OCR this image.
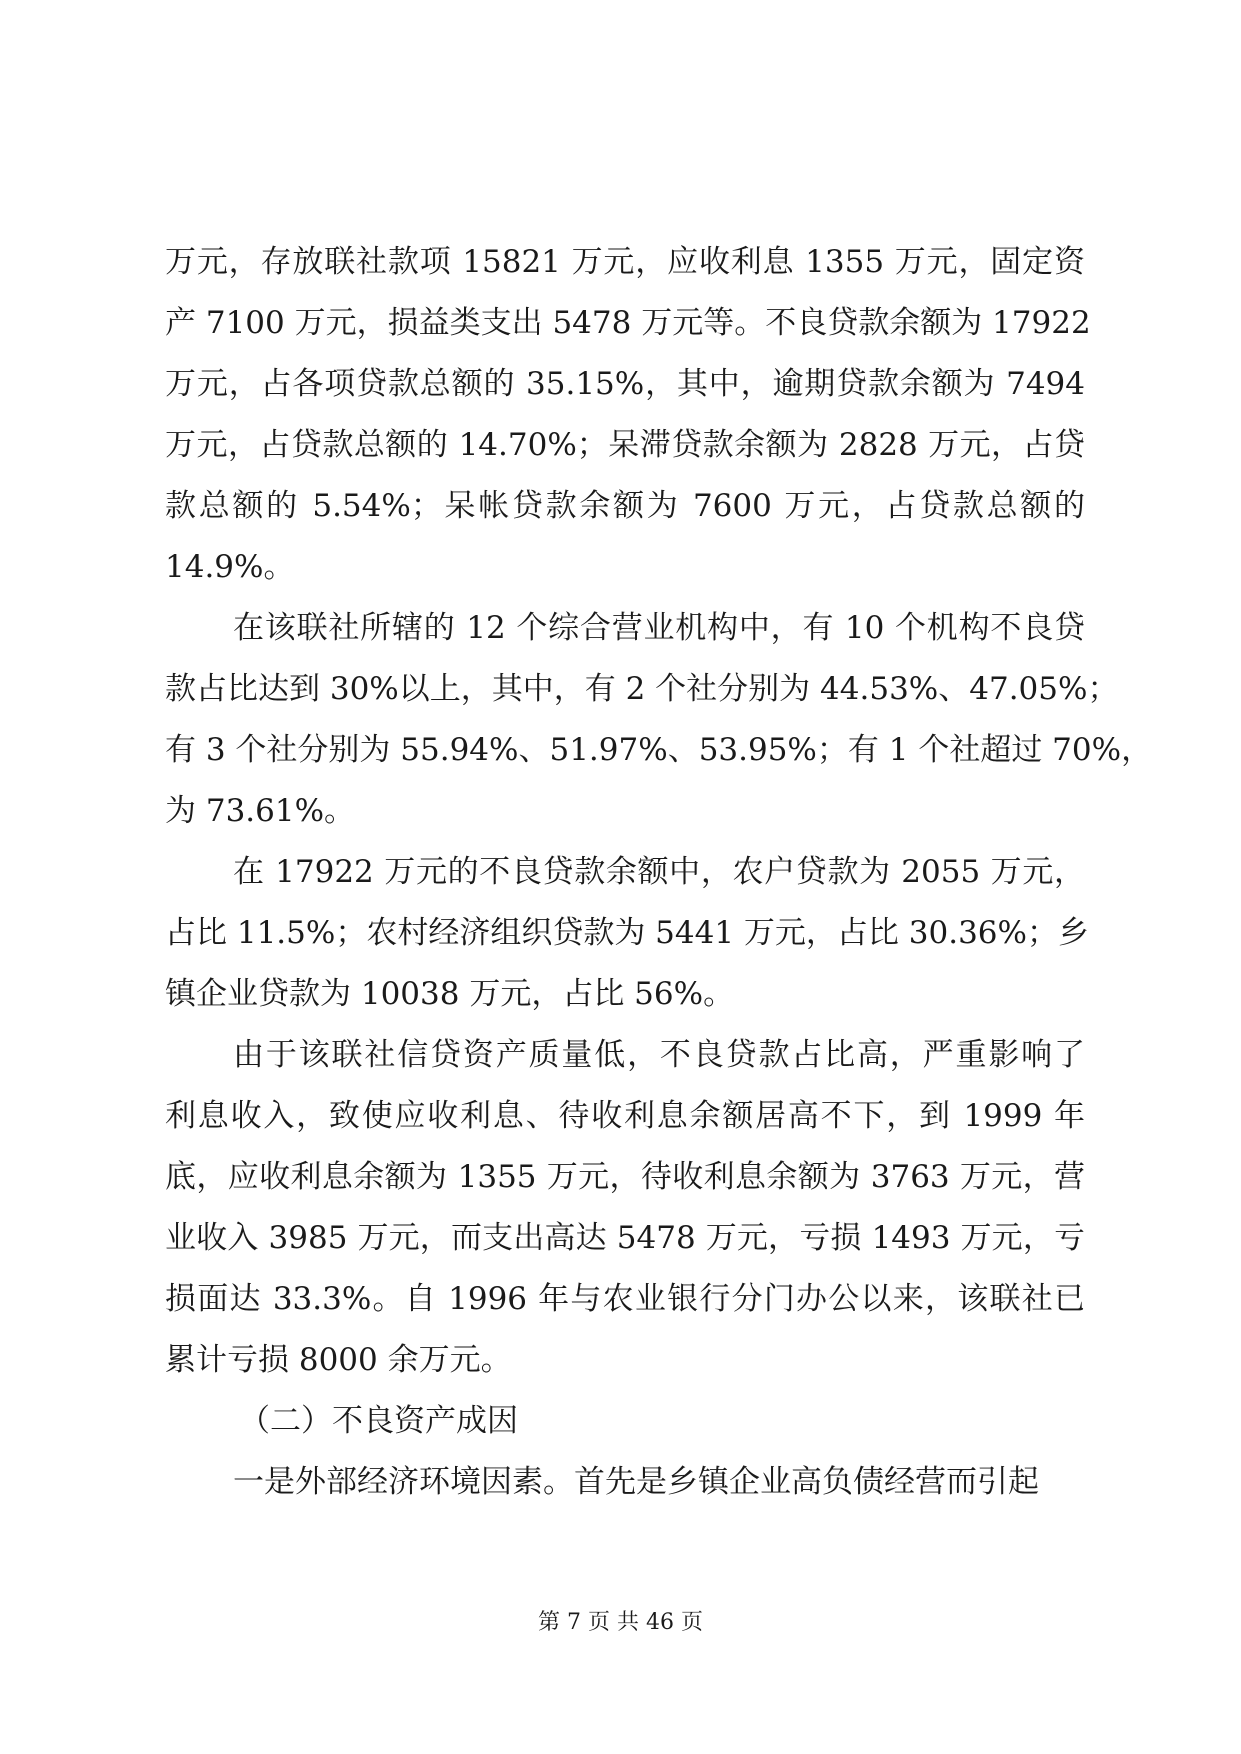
万元，存放联社款项 15821 万元，应收利息 1355 万元，固定资
产 7100 万元，损益类支出 5478 万元等。不良贷款余额为 17922
万元，占各项贷款总额的 35.15%，其中，逾期贷款余额为 7494
万元，占贷款总额的 14.70%；呆滞贷款余额为 2828 万元，占贷
款总额的 5.54%；呆帐贷款余额为 7600 万元，占贷款总额的
14.9%。
在该联社所辖的 12 个综合营业机构中，有 10 个机构不良贷
款占比达到 30%以上，其中，有 2 个社分别为 44.53%、47.05%；
有 3 个社分别为 55.94%、51.97%、53.95%；有 1 个社超过 70%，
为 73.61%。
在 17922 万元的不良贷款余额中，农户贷款为 2055 万元，
占比 11.5%；农村经济组织贷款为 5441 万元，占比 30.36%；乡
镇企业贷款为 10038 万元，占比 56%。
由于该联社信贷资产质量低，不良贷款占比高，严重影响了
利息收入，致使应收利息、待收利息余额居高不下，到 1999 年
底，应收利息余额为 1355 万元，待收利息余额为 3763 万元，营
业收入 3985 万元，而支出高达 5478 万元，亏损 1493 万元，亏
损面达 33.3%。自 1996 年与农业银行分门办公以来，该联社已
累计亏损 8000 余万元。
（二）不良资产成因
一是外部经济环境因素。首先是乡镇企业高负债经营而引起
第 7 页 共 46 页
